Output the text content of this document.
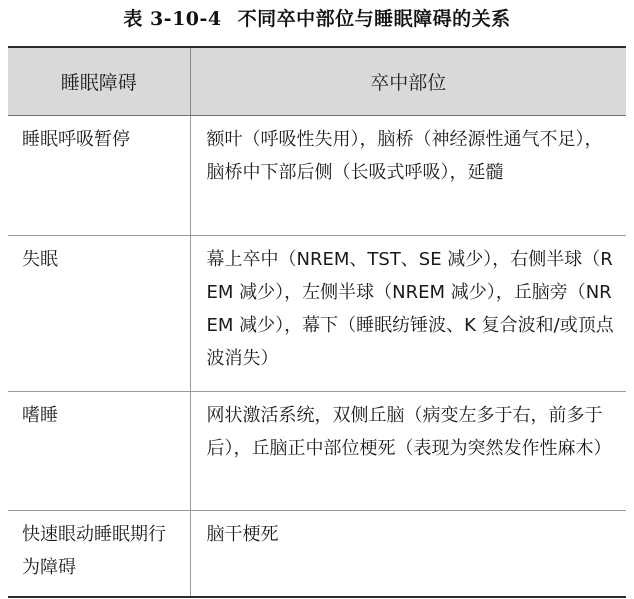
表 3-10-4 不同卒中部位与睡眠障碍的关系
睡眠障碍	卒中部位
睡眠呼吸暂停	额叶（呼吸性失用），脑桥（神经源性通气不足），脑桥中下部后侧（长吸式呼吸），延髓
失眠	幕上卒中（NREM、TST、SE 减少），右侧半球（REM 减少），左侧半球（NREM 减少），丘脑旁（NREM 减少），幕下（睡眠纺锤波、K 复合波和/或顶点波消失）
嗜睡	网状激活系统，双侧丘脑（病变左多于右，前多于后），丘脑正中部位梗死（表现为突然发作性麻木）
快速眼动睡眠期行为障碍	脑干梗死
